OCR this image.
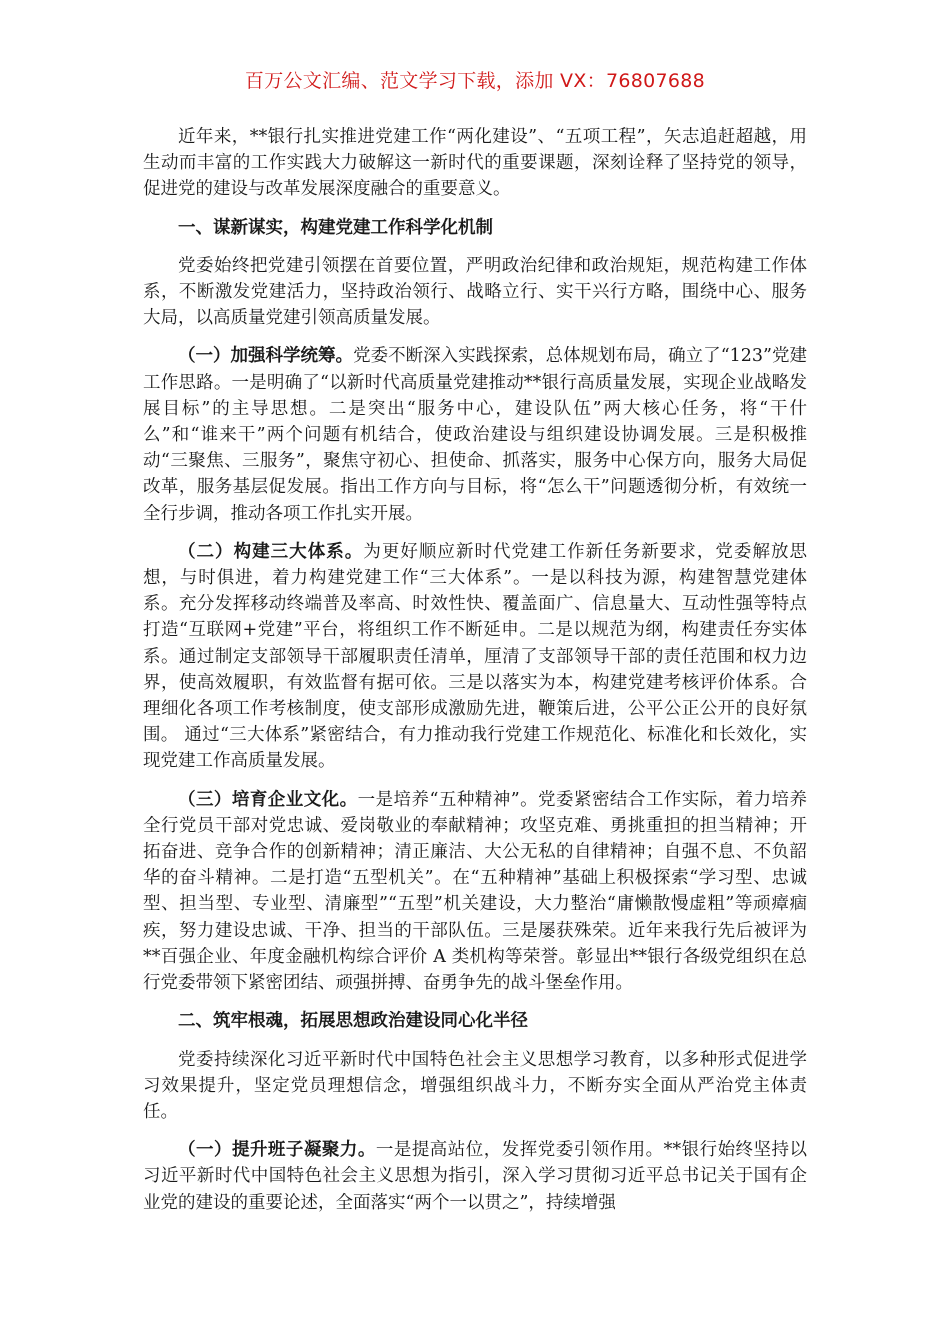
百万公文汇编、范文学习下载，添加 VX：76807688

近年来，**银行扎实推进党建工作“两化建设”、“五项工程”，矢志追赶超越，用生动而丰富的工作实践大力破解这一新时代的重要课题，深刻诠释了坚持党的领导，促进党的建设与改革发展深度融合的重要意义。

一、谋新谋实，构建党建工作科学化机制

党委始终把党建引领摆在首要位置，严明政治纪律和政治规矩，规范构建工作体系，不断激发党建活力，坚持政治领行、战略立行、实干兴行方略，围绕中心、服务大局，以高质量党建引领高质量发展。

（一）加强科学统筹。党委不断深入实践探索，总体规划布局，确立了“123”党建工作思路。一是明确了“以新时代高质量党建推动**银行高质量发展，实现企业战略发展目标”的主导思想。二是突出“服务中心，建设队伍”两大核心任务，将“干什么”和“谁来干”两个问题有机结合，使政治建设与组织建设协调发展。三是积极推动“三聚焦、三服务”，聚焦守初心、担使命、抓落实，服务中心保方向，服务大局促改革，服务基层促发展。指出工作方向与目标，将“怎么干”问题透彻分析，有效统一全行步调，推动各项工作扎实开展。

（二）构建三大体系。为更好顺应新时代党建工作新任务新要求，党委解放思想，与时俱进，着力构建党建工作“三大体系”。一是以科技为源，构建智慧党建体系。充分发挥移动终端普及率高、时效性快、覆盖面广、信息量大、互动性强等特点打造“互联网+党建”平台，将组织工作不断延申。二是以规范为纲，构建责任夯实体系。通过制定支部领导干部履职责任清单，厘清了支部领导干部的责任范围和权力边界，使高效履职，有效监督有据可依。三是以落实为本，构建党建考核评价体系。合理细化各项工作考核制度，使支部形成激励先进，鞭策后进，公平公正公开的良好氛围。 通过“三大体系”紧密结合，有力推动我行党建工作规范化、标准化和长效化，实现党建工作高质量发展。

（三）培育企业文化。一是培养“五种精神”。党委紧密结合工作实际，着力培养全行党员干部对党忠诚、爱岗敬业的奉献精神；攻坚克难、勇挑重担的担当精神；开拓奋进、竞争合作的创新精神；清正廉洁、大公无私的自律精神；自强不息、不负韶华的奋斗精神。二是打造“五型机关”。在“五种精神”基础上积极探索“学习型、忠诚型、担当型、专业型、清廉型”“五型”机关建设，大力整治“庸懒散慢虚粗”等顽瘴痼疾，努力建设忠诚、干净、担当的干部队伍。三是屡获殊荣。近年来我行先后被评为**百强企业、年度金融机构综合评价 A 类机构等荣誉。彰显出**银行各级党组织在总行党委带领下紧密团结、顽强拼搏、奋勇争先的战斗堡垒作用。

二、筑牢根魂，拓展思想政治建设同心化半径

党委持续深化习近平新时代中国特色社会主义思想学习教育，以多种形式促进学习效果提升，坚定党员理想信念，增强组织战斗力，不断夯实全面从严治党主体责任。

（一）提升班子凝聚力。一是提高站位，发挥党委引领作用。**银行始终坚持以习近平新时代中国特色社会主义思想为指引，深入学习贯彻习近平总书记关于国有企业党的建设的重要论述，全面落实“两个一以贯之”，持续增强
